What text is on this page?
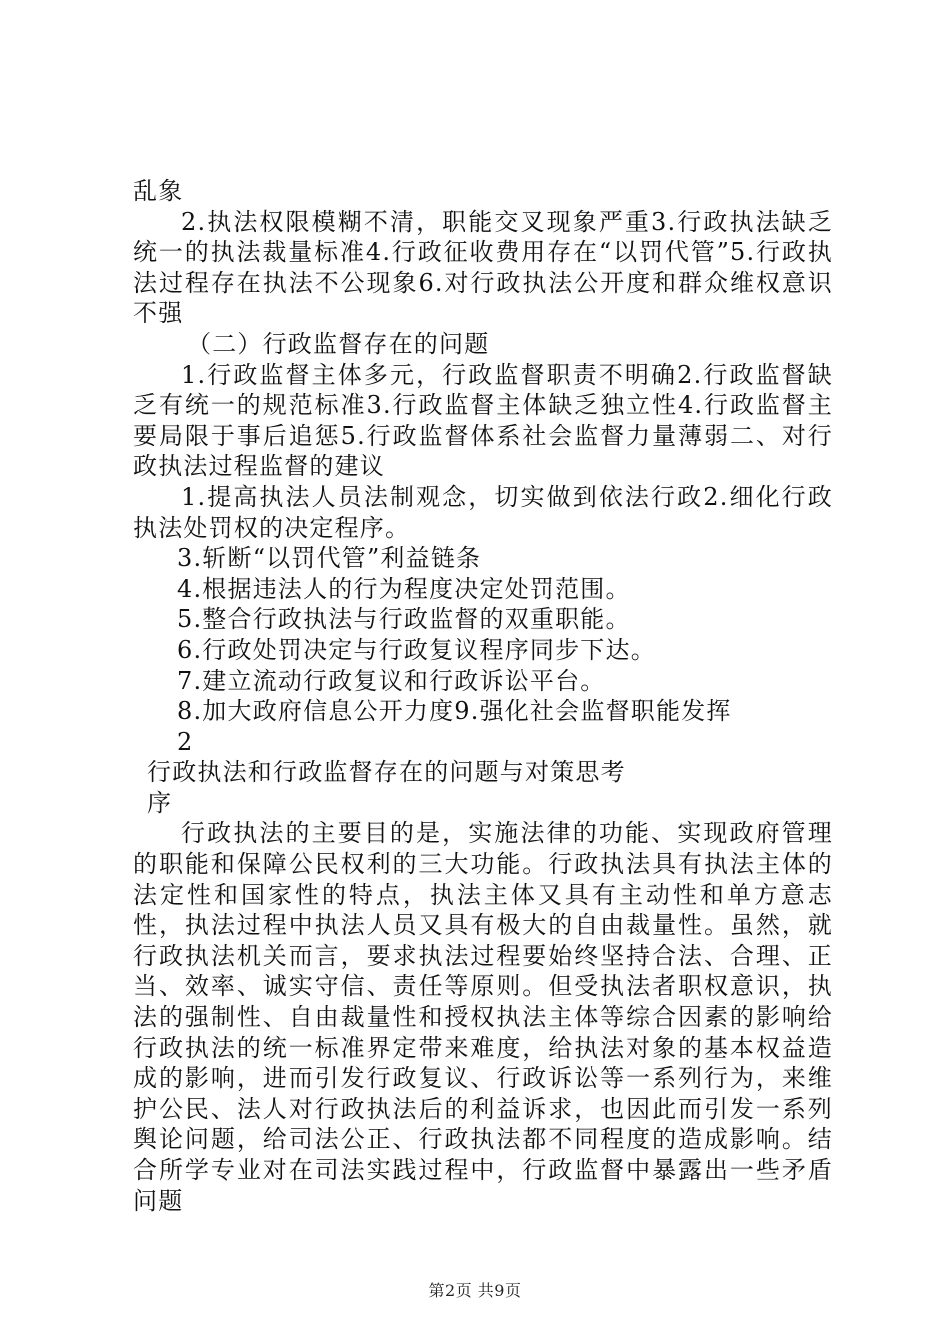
乱象

2.执法权限模糊不清，职能交叉现象严重3.行政执法缺乏统一的执法裁量标准4.行政征收费用存在“以罚代管”5.行政执法过程存在执法不公现象6.对行政执法公开度和群众维权意识不强

（二）行政监督存在的问题

1.行政监督主体多元，行政监督职责不明确2.行政监督缺乏有统一的规范标准3.行政监督主体缺乏独立性4.行政监督主要局限于事后追惩5.行政监督体系社会监督力量薄弱二、对行政执法过程监督的建议

1.提高执法人员法制观念，切实做到依法行政2.细化行政执法处罚权的决定程序。

3.斩断“以罚代管”利益链条

4.根据违法人的行为程度决定处罚范围。

5.整合行政执法与行政监督的双重职能。

6.行政处罚决定与行政复议程序同步下达。

7.建立流动行政复议和行政诉讼平台。

8.加大政府信息公开力度9.强化社会监督职能发挥

2

行政执法和行政监督存在的问题与对策思考

序

行政执法的主要目的是，实施法律的功能、实现政府管理的职能和保障公民权利的三大功能。行政执法具有执法主体的法定性和国家性的特点，执法主体又具有主动性和单方意志性，执法过程中执法人员又具有极大的自由裁量性。虽然，就行政执法机关而言，要求执法过程要始终坚持合法、合理、正当、效率、诚实守信、责任等原则。但受执法者职权意识，执法的强制性、自由裁量性和授权执法主体等综合因素的影响给行政执法的统一标准界定带来难度，给执法对象的基本权益造成的影响，进而引发行政复议、行政诉讼等一系列行为，来维护公民、法人对行政执法后的利益诉求，也因此而引发一系列舆论问题，给司法公正、行政执法都不同程度的造成影响。结合所学专业对在司法实践过程中，行政监督中暴露出一些矛盾问题

第2页 共9页
